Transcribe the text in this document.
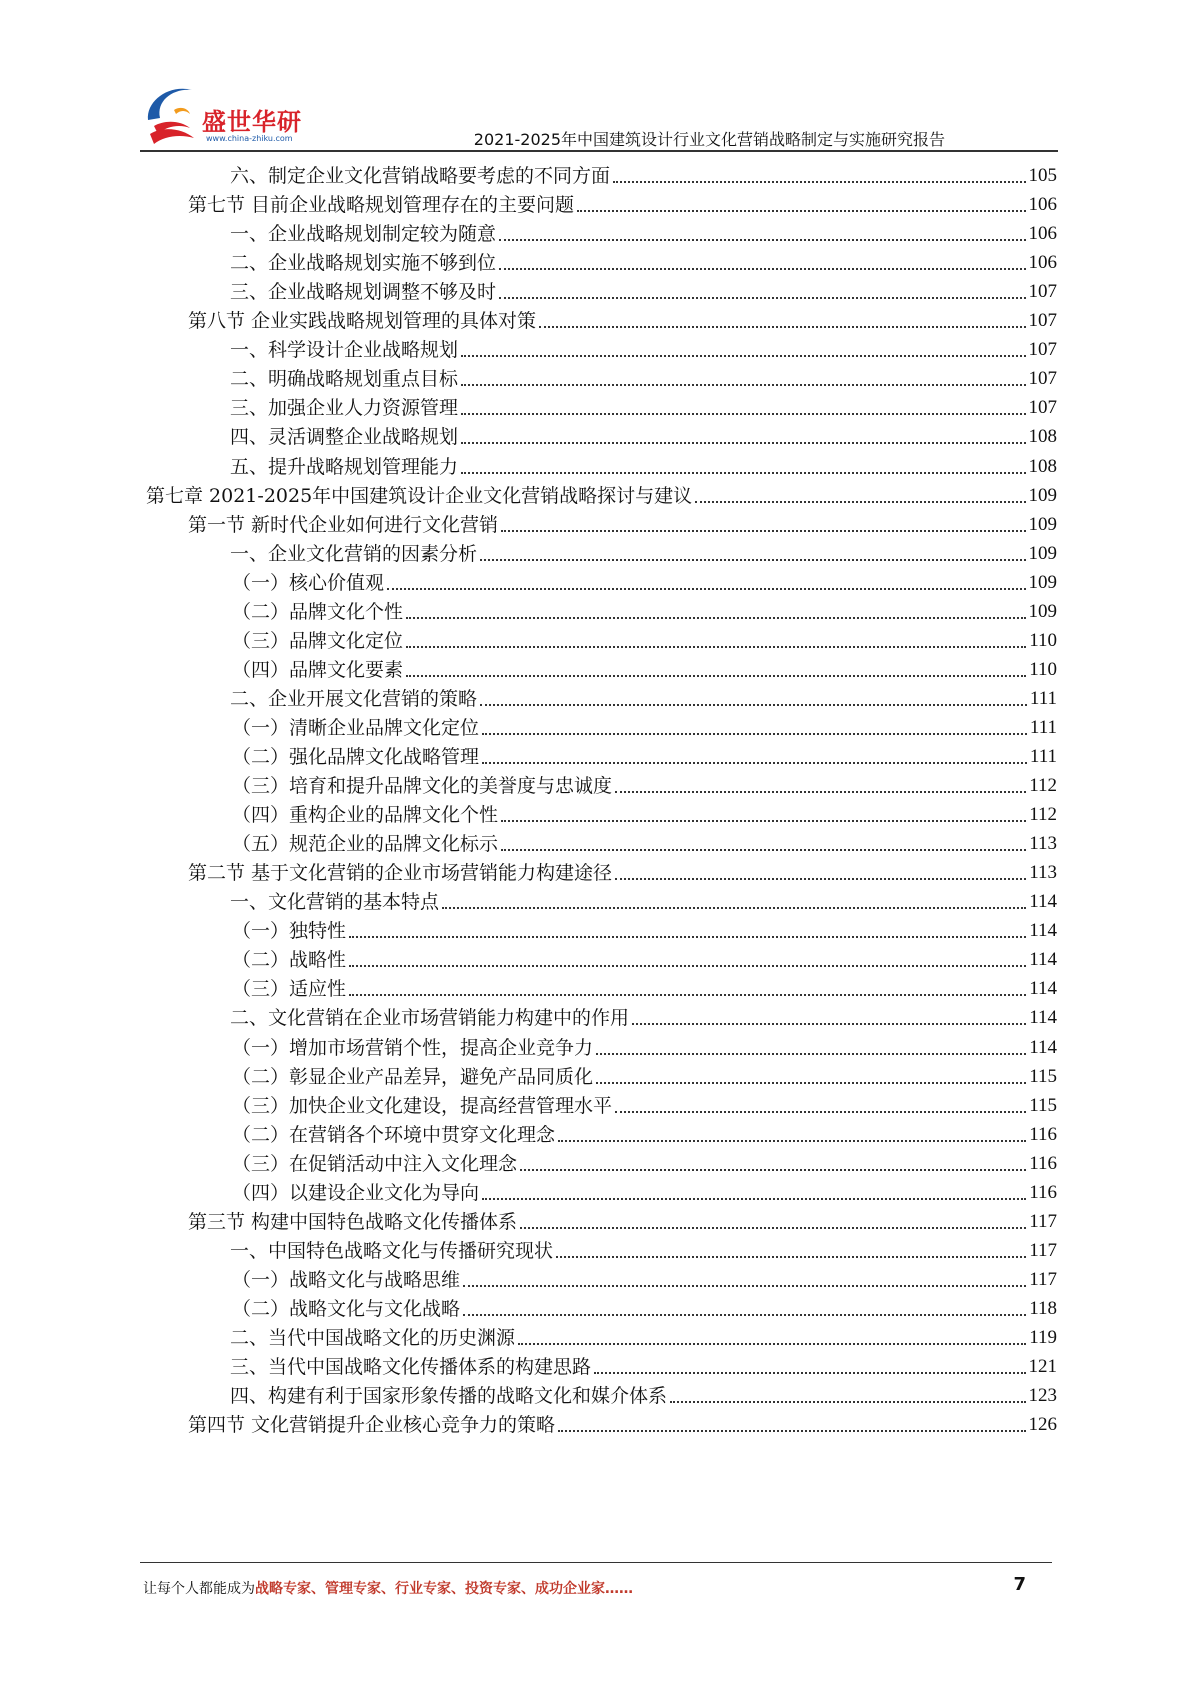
盛世华研
www.china-zhiku.com	2021-2025年中国建筑设计行业文化营销战略制定与实施研究报告
六、制定企业文化营销战略要考虑的不同方面	105
第七节 目前企业战略规划管理存在的主要问题	106
一、企业战略规划制定较为随意	106
二、企业战略规划实施不够到位	106
三、企业战略规划调整不够及时	107
第八节 企业实践战略规划管理的具体对策	107
一、科学设计企业战略规划	107
二、明确战略规划重点目标	107
三、加强企业人力资源管理	107
四、灵活调整企业战略规划	108
五、提升战略规划管理能力	108
第七章 2021-2025年中国建筑设计企业文化营销战略探讨与建议	109
第一节 新时代企业如何进行文化营销	109
一、企业文化营销的因素分析	109
（一）核心价值观	109
（二）品牌文化个性	109
（三）品牌文化定位	110
（四）品牌文化要素	110
二、企业开展文化营销的策略	111
（一）清晰企业品牌文化定位	111
（二）强化品牌文化战略管理	111
（三）培育和提升品牌文化的美誉度与忠诚度	112
（四）重构企业的品牌文化个性	112
（五）规范企业的品牌文化标示	113
第二节 基于文化营销的企业市场营销能力构建途径	113
一、文化营销的基本特点	114
（一）独特性	114
（二）战略性	114
（三）适应性	114
二、文化营销在企业市场营销能力构建中的作用	114
（一）增加市场营销个性，提高企业竞争力	114
（二）彰显企业产品差异，避免产品同质化	115
（三）加快企业文化建设，提高经营管理水平	115
（二）在营销各个环境中贯穿文化理念	116
（三）在促销活动中注入文化理念	116
（四）以建设企业文化为导向	116
第三节 构建中国特色战略文化传播体系	117
一、中国特色战略文化与传播研究现状	117
（一）战略文化与战略思维	117
（二）战略文化与文化战略	118
二、当代中国战略文化的历史渊源	119
三、当代中国战略文化传播体系的构建思路	121
四、构建有利于国家形象传播的战略文化和媒介体系	123
第四节 文化营销提升企业核心竞争力的策略	126
让每个人都能成为战略专家、管理专家、行业专家、投资专家、成功企业家……	7
